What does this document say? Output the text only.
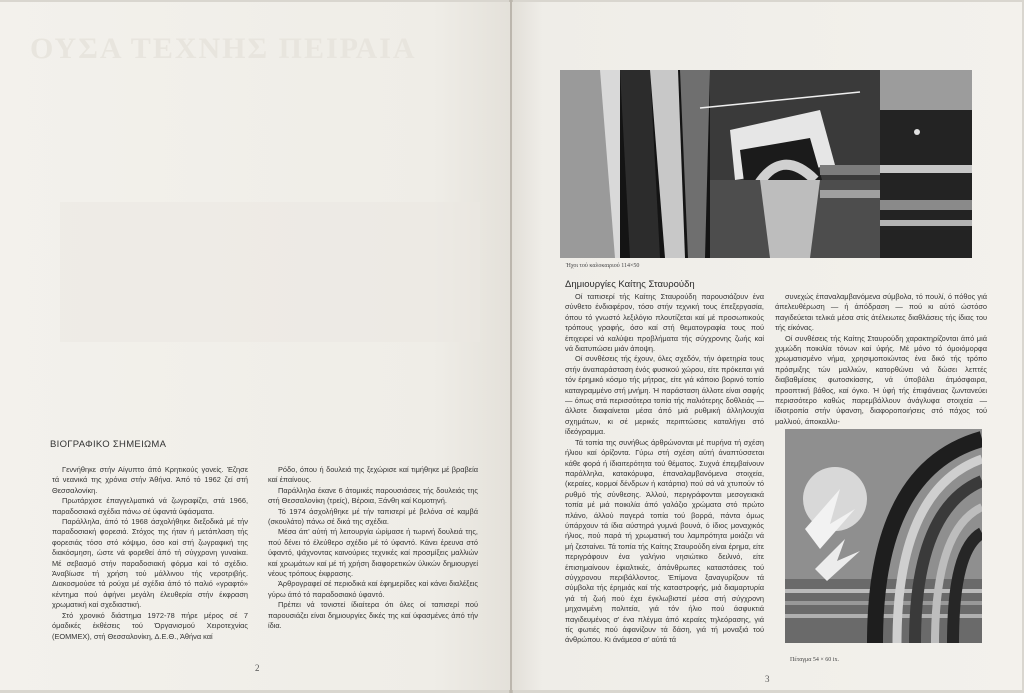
ΟΥΣΑ ΤΕΧΝΗΣ ΠΕΙΡΑΙΑ
ΒΙΟΓΡΑΦΙΚΟ ΣΗΜΕΙΩΜΑ

Γεννήθηκε στήν Αίγυπτο άπό Κρητικούς γονείς. Έζησε τά νεανικά της χρόνια στήν Άθήνα. Άπό τό 1962 ζεί στή Θεσσαλονίκη.

Πρωτάρχισε έπαγγελματικά νά ζωγραφίζει, στά 1966, παραδοσιακά σχέδια πάνω σέ ύφαντά ύφάσματα.

Παράλληλα, άπό τό 1968 άσχολήθηκε διεξοδικά μέ τήν παραδοσιακή φορεσιά. Στόχος της ήταν ή μετάπλαση τής φορεσιάς τόσο στό κόψιμο, όσο καί στή ζωγραφική της διακόσμηση, ώστε νά φορεθεί άπό τή σύγχρονη γυναίκα. Μέ σεβασμό στήν παραδοσιακή φόρμα καί τό σχέδιο. Άναβίωσε τή χρήση τού μάλλινου τής νεροτριβής. Διακοσμούσε τά ρούχα μέ σχέδια άπό τό παλιό «γραφτό» κέντημα πού άφήνει μεγάλη έλευθερία στήν έκφραση χρωματική καί σχεδιαστική.

Στό χρονικό διάστημα 1972-78 πήρε μέρος σέ 7 όμαδικές έκθέσεις τού Όργανισμού Χειροτεχνίας (ΕΟΜΜΕΧ), στή Θεσσαλονίκη, Δ.Ε.Θ., Άθήνα καί

Ρόδο, όπου ή δουλειά της ξεχώρισε καί τιμήθηκε μέ βραβεία καί έπαίνους.

Παράλληλα έκανε 6 άτομικές παρουσιάσεις τής δουλειάς της στή Θεσσαλονίκη (τρείς), Βέροια, Ξάνθη καί Κομοτηνή.

Τό 1974 άσχολήθηκε μέ τήν ταπισερί μέ βελόνα σέ καμβά (σκουλάτο) πάνω σέ δικά της σχέδια.

Μέσα άπ' αύτή τή λειτουργία ώρίμασε ή τωρινή δουλειά της, πού δένει τό έλεύθερο σχέδιο μέ τό ύφαντό. Κάνει έρευνα στό ύφαντό, ψάχνοντας καινούριες τεχνικές καί προσμίξεις μαλλιών καί χρωμάτων καί μέ τή χρήση διαφορετικών ύλικών δημιουργεί νέους τρόπους έκφρασης.

Άρθρογραφεί σέ περιοδικά καί έφημερίδες καί κάνει διαλέξεις γύρω άπό τό παραδοσιακό ύφαντό.

Πρέπει νά τονιστεί ίδιαίτερα ότι όλες οί ταπισερί πού παρουσιάζει είναι δημιουργίες δικές της καί ύφασμένες άπό τήν ίδια.

2
Ήχοι τού καλοκαιριού 114×50
Δημιουργίες Καίτης Σταυρούδη

Οί ταπισερί τής Καίτης Σταυρούδη παρουσιάζουν ένα σύνθετο ένδιαφέρον, τόσο στήν τεχνική τους έπεξεργασία, όπου τό γνωστό λεξιλόγιο πλουτίζεται καί μέ προσωπικούς τρόπους γραφής, όσο καί στή θεματογραφία τους πού έπιχειρεί νά καλύψει προβλήματα τής σύγχρονης ζωής καί νά διατυπώσει μιάν άποψη.

Οί συνθέσεις τής έχουν, όλες σχεδόν, τήν άφετηρία τους στήν άναπαράσταση ένός φυσικού χώρου, είτε πρόκειται γιά τόν έρημικό κόσμο τής μήτρας, είτε γιά κάποιο βορινό τοπίο καταγραμμένο στή μνήμη. Ή παράσταση άλλοτε είναι σαφής — όπως στά περισσότερα τοπία τής παλιότερης δοθλειάς — άλλοτε διαφαίνεται μέσα άπό μιά ρυθμική άλληλουχία σχημάτων, κι σέ μερικές περιπτώσεις καταλήγει στό ίδεόγραμμα.

Τά τοπία της συνήθως άρθρώνονται μέ πυρήνα τή σχέση ήλιου καί όρίζοντα. Γύρω στή σχέση αύτή άναπτύσσεται κάθε φορά ή ίδιαιτερότητα τού θέματος. Συχνά έπεμβαίνουν παράλληλα, κατακόρυφα, έπαναλαμβανόμενα στοιχεία, (κεραίες, κορμοί δένδρων ή κατάρτια) πού σά νά χτυπούν τό ρυθμό τής σύνθεσης. Άλλού, περιγράφονται μεσογειακά τοπία μέ μιά ποικιλία άπό γαλάζιο χρώματα στό πρώτο πλάνο, άλλού παγερά τοπία τού βορρά, πάντα όμως ύπάρχουν τά ίδια αύστηρά γυμνά βουνά, ό ίδιος μοναχικός ήλιος, πού παρά τή χρωματική του λαμπρότητα μοιάζει νά μή ζεσταίνει. Τά τοπία τής Καίτης Σταυρούδη είναι έρημα, είτε περιγράφουν ένα γαλήνιο νησιώτικο δειλινό, είτε έπισημαίνουν έφιαλτικές, άπάνθρωπες καταστάσεις τού σύγχρονου περιβάλλοντος. Έπίμονα ξαναγυρίζουν τά σύμβολα τής έρημιάς καί τής καταστροφής, μιά διαμαρτυρία γιά τή ζωή πού έχει έγκλωβιστεί μέσα στή σύγχρονη μηχανιμένη πολιτεία, γιά τόν ήλιο πού άσφυκτιά παγιδευμένος σ' ένα πλέγμα άπό κεραίες τηλεόρασης, γιά τίς φωτιές πού άφανίζουν τά δάση, γιά τή μοναξιά τού άνθρώπου. Κι άνάμεσα σ' αύτά τά

συνεχώς έπαναλαμβανόμενα σύμβολα, τό πουλί, ό πόθος γιά άπελευθέρωση — ή άπόδραση — πού κι αύτό ώστόσο παγιδεύεται τελικά μέσα στίς άτέλειωτες διαθλάσεις τής ίδιας του τής είκόνας.

Οί συνθέσεις τής Καίτης Σταυρούδη χαρακτηρίζονται άπό μιά χυμώδη ποικιλία τόνων καί ύφής. Μέ μόνο τό όμοιόμορφα χρωματισμένο νήμα, χρησιμοποιώντας ένα δικό τής τρόπο πρόσμιξης τών μαλλιών, κατορθώνει νά δώσει λεπτές διαβαθμίσεις φωτοσκίασης, νά ύποβάλει άτμόσφαιρα, προοπτική βάθος, καί όγκο. Ή ύφή τής έπιφάνειας ζωντανεύει περισσότερο καθώς παρεμβάλλουν άνάγλυφα στοιχεία — ίδιοτροπία στήν ύφανση, διαφοροποιήσεις στό πάχος τού μαλλιού, άποκαλλυ-

Πέταγμα 54 × 60 ix.
3
